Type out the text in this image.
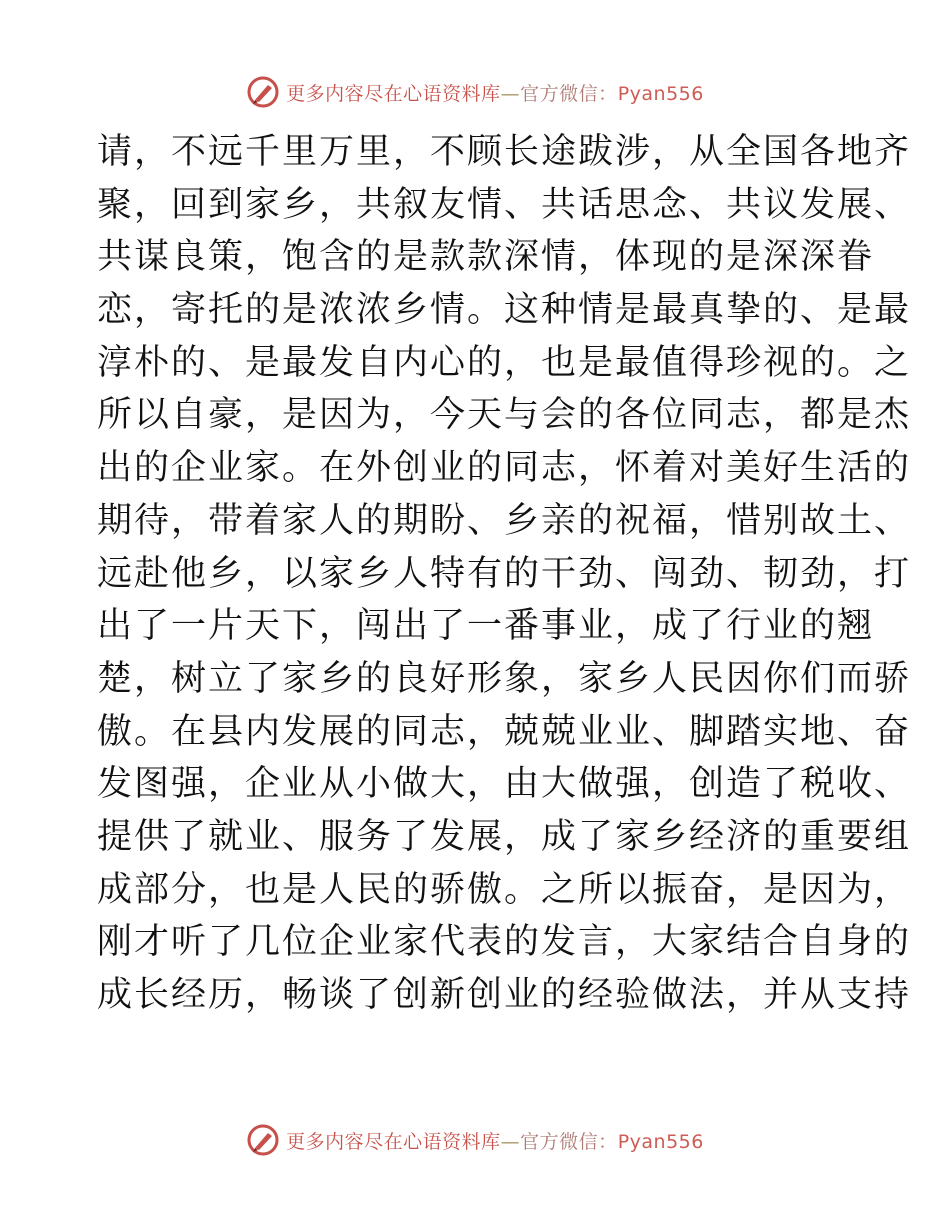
更多内容尽在心语资料库—官方微信：Pyan556
请，不远千里万里，不顾长途跋涉，从全国各地齐
聚，回到家乡，共叙友情、共话思念、共议发展、
共谋良策，饱含的是款款深情，体现的是深深眷
恋，寄托的是浓浓乡情。这种情是最真挚的、是最
淳朴的、是最发自内心的，也是最值得珍视的。之
所以自豪，是因为，今天与会的各位同志，都是杰
出的企业家。在外创业的同志，怀着对美好生活的
期待，带着家人的期盼、乡亲的祝福，惜别故土、
远赴他乡，以家乡人特有的干劲、闯劲、韧劲，打
出了一片天下，闯出了一番事业，成了行业的翘
楚，树立了家乡的良好形象，家乡人民因你们而骄
傲。在县内发展的同志，兢兢业业、脚踏实地、奋
发图强，企业从小做大，由大做强，创造了税收、
提供了就业、服务了发展，成了家乡经济的重要组
成部分，也是人民的骄傲。之所以振奋，是因为，
刚才听了几位企业家代表的发言，大家结合自身的
成长经历，畅谈了创新创业的经验做法，并从支持
更多内容尽在心语资料库—官方微信：Pyan556
